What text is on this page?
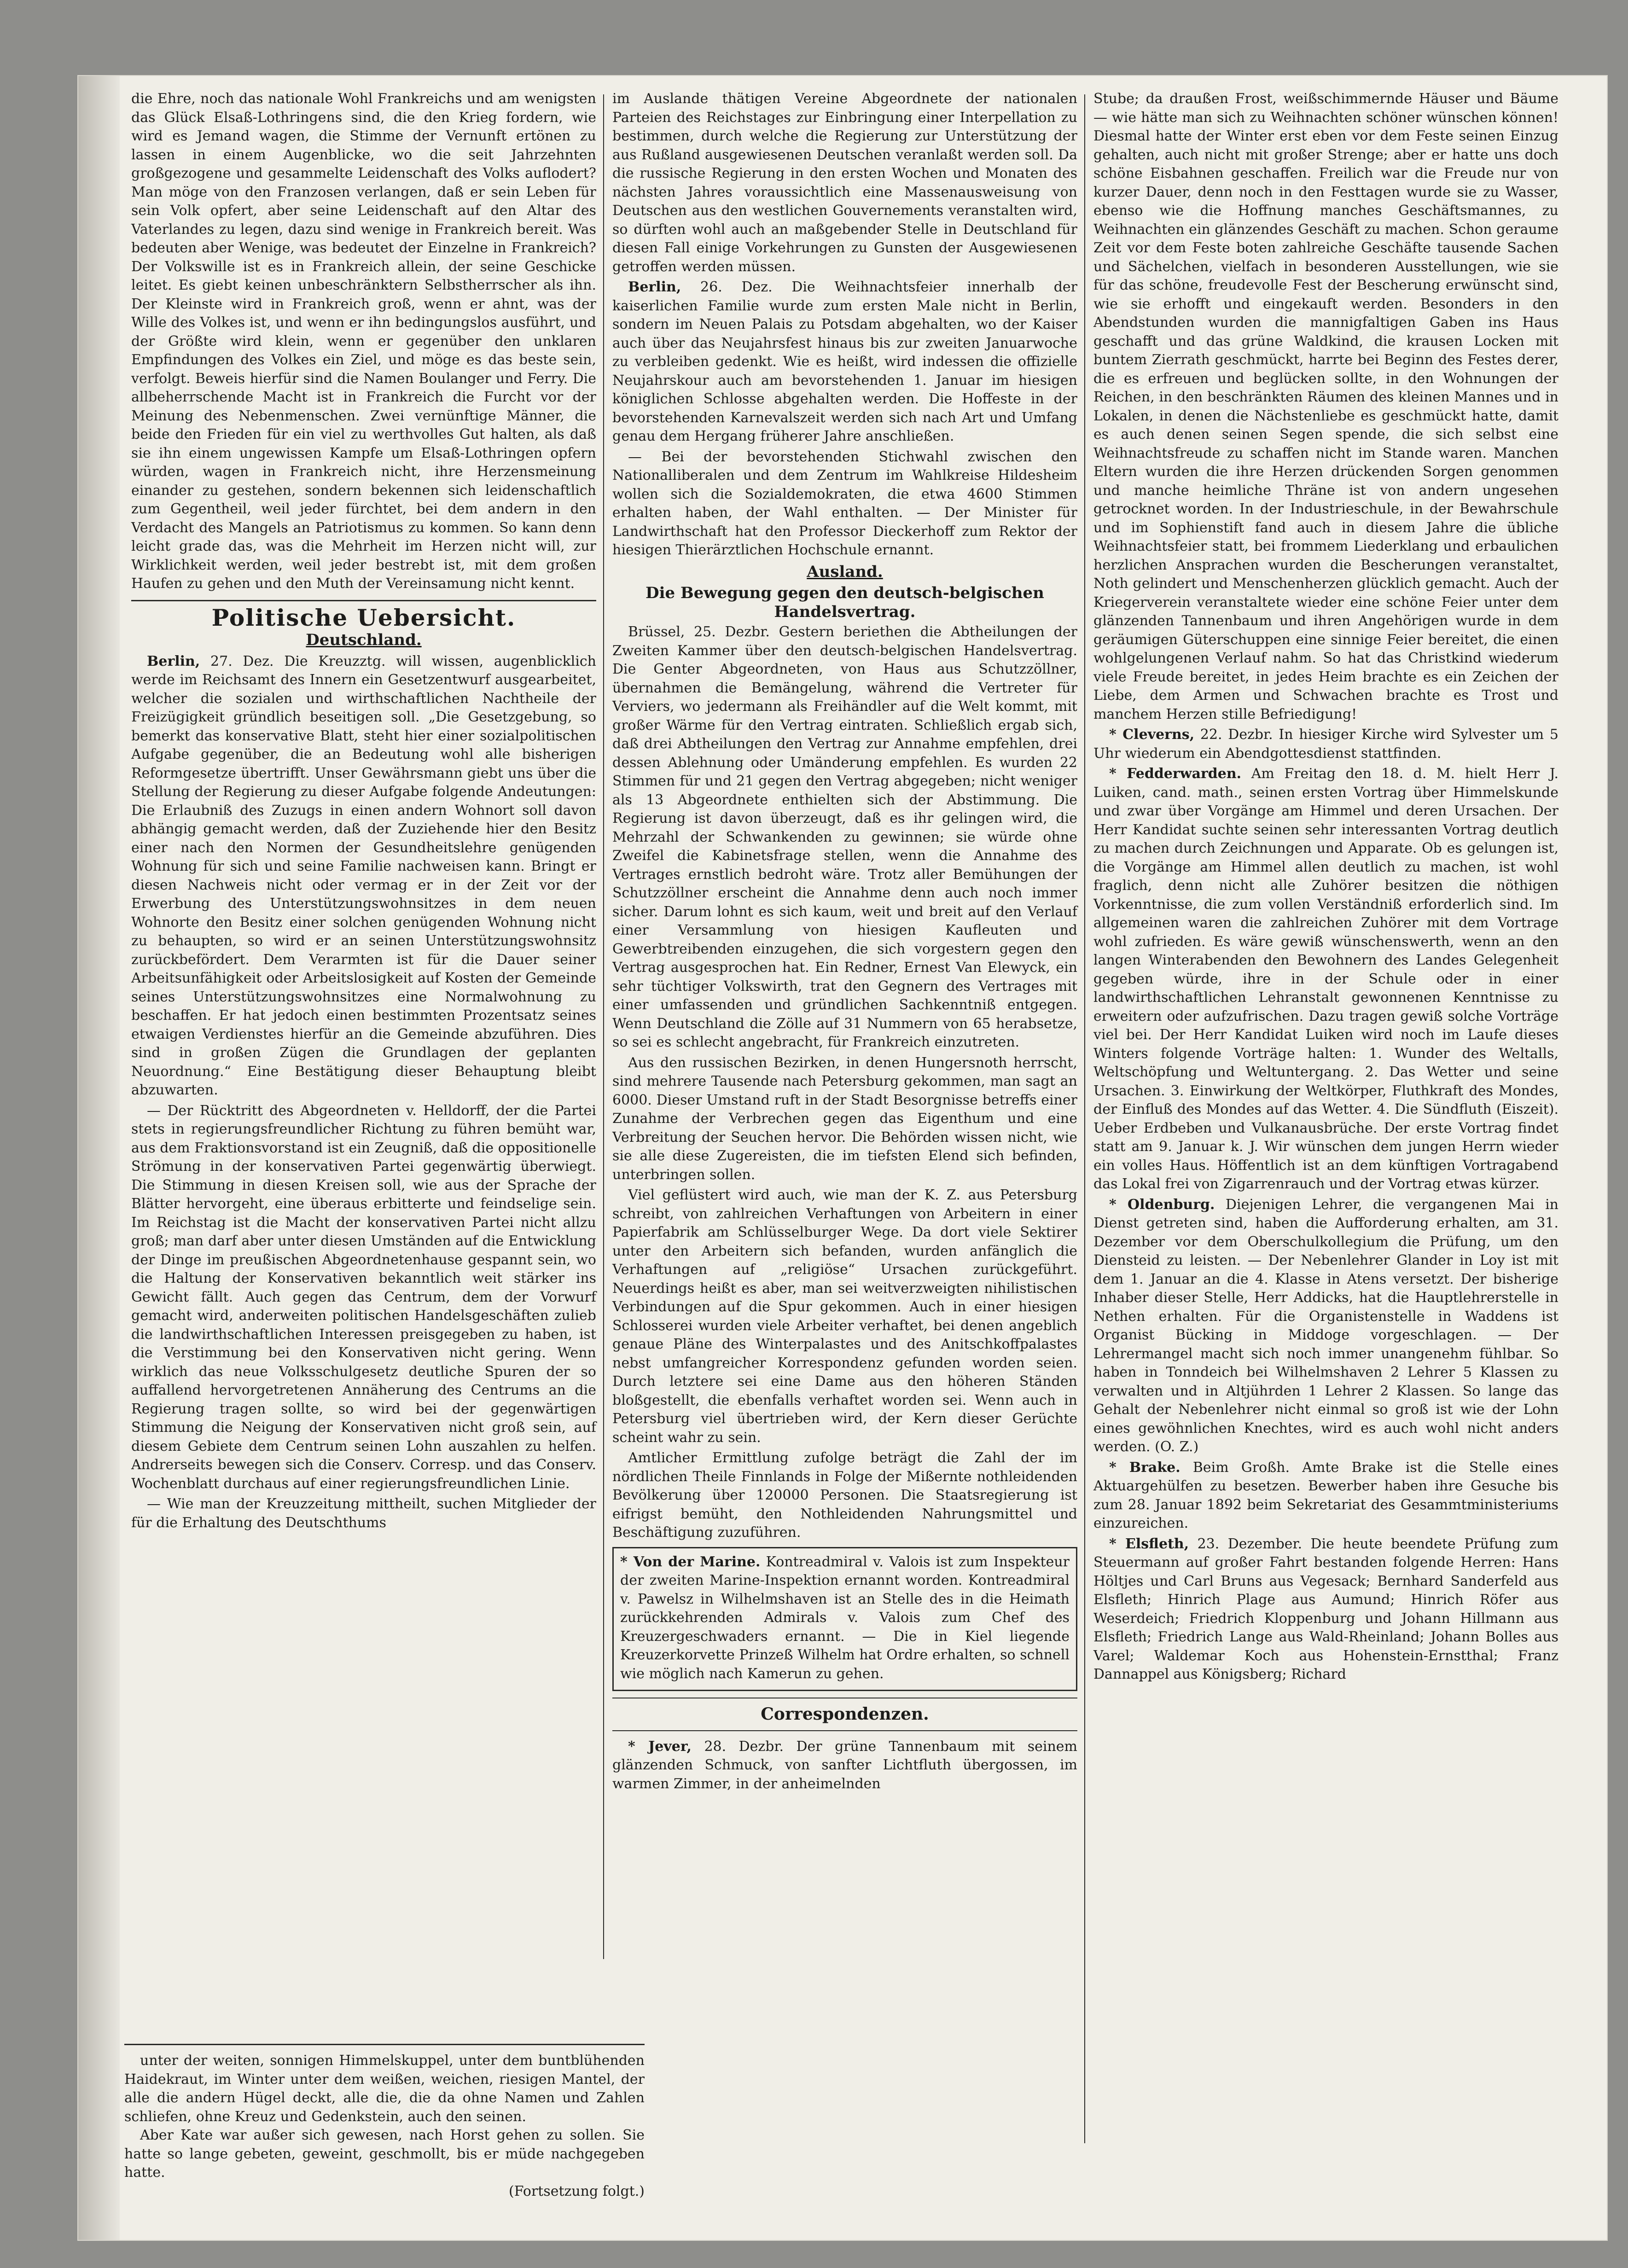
die Ehre, noch das nationale Wohl Frankreichs und am wenigsten das Glück Elsaß-Lothringens sind, die den Krieg fordern, wie wird es Jemand wagen, die Stimme der Vernunft ertönen zu lassen in einem Augenblicke, wo die seit Jahrzehnten großgezogene und gesammelte Leidenschaft des Volks auflodert? Man möge von den Franzosen verlangen, daß er sein Leben für sein Volk opfert, aber seine Leidenschaft auf den Altar des Vaterlandes zu legen, dazu sind wenige in Frankreich bereit. Was bedeuten aber Wenige, was bedeutet der Einzelne in Frankreich? Der Volkswille ist es in Frankreich allein, der seine Geschicke leitet. Es giebt keinen unbeschränktern Selbstherrscher als ihn. Der Kleinste wird in Frankreich groß, wenn er ahnt, was der Wille des Volkes ist, und wenn er ihn bedingungslos ausführt, und der Größte wird klein, wenn er gegenüber den unklaren Empfindungen des Volkes ein Ziel, und möge es das beste sein, verfolgt. Beweis hierfür sind die Namen Boulanger und Ferry. Die allbeherrschende Macht ist in Frankreich die Furcht vor der Meinung des Nebenmenschen. Zwei vernünftige Männer, die beide den Frieden für ein viel zu werthvolles Gut halten, als daß sie ihn einem ungewissen Kampfe um Elsaß-Lothringen opfern würden, wagen in Frankreich nicht, ihre Herzensmeinung einander zu gestehen, sondern bekennen sich leidenschaftlich zum Gegentheil, weil jeder fürchtet, bei dem andern in den Verdacht des Mangels an Patriotismus zu kommen. So kann denn leicht grade das, was die Mehrheit im Herzen nicht will, zur Wirklichkeit werden, weil jeder bestrebt ist, mit dem großen Haufen zu gehen und den Muth der Vereinsamung nicht kennt.

Politische Uebersicht.
Deutschland.

Berlin, 27. Dez. Die Kreuzztg. will wissen, augenblicklich werde im Reichsamt des Innern ein Gesetzentwurf ausgearbeitet, welcher die sozialen und wirthschaftlichen Nachtheile der Freizügigkeit gründlich beseitigen soll. „Die Gesetzgebung, so bemerkt das konservative Blatt, steht hier einer sozialpolitischen Aufgabe gegenüber, die an Bedeutung wohl alle bisherigen Reformgesetze übertrifft. Unser Gewährsmann giebt uns über die Stellung der Regierung zu dieser Aufgabe folgende Andeutungen: Die Erlaubniß des Zuzugs in einen andern Wohnort soll davon abhängig gemacht werden, daß der Zuziehende hier den Besitz einer nach den Normen der Gesundheitslehre genügenden Wohnung für sich und seine Familie nachweisen kann. Bringt er diesen Nachweis nicht oder vermag er in der Zeit vor der Erwerbung des Unterstützungswohnsitzes in dem neuen Wohnorte den Besitz einer solchen genügenden Wohnung nicht zu behaupten, so wird er an seinen Unterstützungswohnsitz zurückbefördert. Dem Verarmten ist für die Dauer seiner Arbeitsunfähigkeit oder Arbeitslosigkeit auf Kosten der Gemeinde seines Unterstützungswohnsitzes eine Normalwohnung zu beschaffen. Er hat jedoch einen bestimmten Prozentsatz seines etwaigen Verdienstes hierfür an die Gemeinde abzuführen. Dies sind in großen Zügen die Grundlagen der geplanten Neuordnung.“ Eine Bestätigung dieser Behauptung bleibt abzuwarten.

— Der Rücktritt des Abgeordneten v. Helldorff, der die Partei stets in regierungsfreundlicher Richtung zu führen bemüht war, aus dem Fraktionsvorstand ist ein Zeugniß, daß die oppositionelle Strömung in der konservativen Partei gegenwärtig überwiegt. Die Stimmung in diesen Kreisen soll, wie aus der Sprache der Blätter hervorgeht, eine überaus erbitterte und feindselige sein. Im Reichstag ist die Macht der konservativen Partei nicht allzu groß; man darf aber unter diesen Umständen auf die Entwicklung der Dinge im preußischen Abgeordnetenhause gespannt sein, wo die Haltung der Konservativen bekanntlich weit stärker ins Gewicht fällt. Auch gegen das Centrum, dem der Vorwurf gemacht wird, anderweiten politischen Handelsgeschäften zulieb die landwirthschaftlichen Interessen preisgegeben zu haben, ist die Verstimmung bei den Konservativen nicht gering. Wenn wirklich das neue Volksschulgesetz deutliche Spuren der so auffallend hervorgetretenen Annäherung des Centrums an die Regierung tragen sollte, so wird bei der gegenwärtigen Stimmung die Neigung der Konservativen nicht groß sein, auf diesem Gebiete dem Centrum seinen Lohn auszahlen zu helfen. Andrerseits bewegen sich die Conserv. Corresp. und das Conserv. Wochenblatt durchaus auf einer regierungsfreundlichen Linie.

— Wie man der Kreuzzeitung mittheilt, suchen Mitglieder der für die Erhaltung des Deutschthums

im Auslande thätigen Vereine Abgeordnete der nationalen Parteien des Reichstages zur Einbringung einer Interpellation zu bestimmen, durch welche die Regierung zur Unterstützung der aus Rußland ausgewiesenen Deutschen veranlaßt werden soll. Da die russische Regierung in den ersten Wochen und Monaten des nächsten Jahres voraussichtlich eine Massenausweisung von Deutschen aus den westlichen Gouvernements veranstalten wird, so dürften wohl auch an maßgebender Stelle in Deutschland für diesen Fall einige Vorkehrungen zu Gunsten der Ausgewiesenen getroffen werden müssen.

Berlin, 26. Dez. Die Weihnachtsfeier innerhalb der kaiserlichen Familie wurde zum ersten Male nicht in Berlin, sondern im Neuen Palais zu Potsdam abgehalten, wo der Kaiser auch über das Neujahrsfest hinaus bis zur zweiten Januarwoche zu verbleiben gedenkt. Wie es heißt, wird indessen die offizielle Neujahrskour auch am bevorstehenden 1. Januar im hiesigen königlichen Schlosse abgehalten werden. Die Hoffeste in der bevorstehenden Karnevalszeit werden sich nach Art und Umfang genau dem Hergang früherer Jahre anschließen.

— Bei der bevorstehenden Stichwahl zwischen den Nationalliberalen und dem Zentrum im Wahlkreise Hildesheim wollen sich die Sozialdemokraten, die etwa 4600 Stimmen erhalten haben, der Wahl enthalten. — Der Minister für Landwirthschaft hat den Professor Dieckerhoff zum Rektor der hiesigen Thierärztlichen Hochschule ernannt.

Ausland.
Die Bewegung gegen den deutsch-belgischen Handelsvertrag.

Brüssel, 25. Dezbr. Gestern beriethen die Abtheilungen der Zweiten Kammer über den deutsch-belgischen Handelsvertrag. Die Genter Abgeordneten, von Haus aus Schutzzöllner, übernahmen die Bemängelung, während die Vertreter für Verviers, wo jedermann als Freihändler auf die Welt kommt, mit großer Wärme für den Vertrag eintraten. Schließlich ergab sich, daß drei Abtheilungen den Vertrag zur Annahme empfehlen, drei dessen Ablehnung oder Umänderung empfehlen. Es wurden 22 Stimmen für und 21 gegen den Vertrag abgegeben; nicht weniger als 13 Abgeordnete enthielten sich der Abstimmung. Die Regierung ist davon überzeugt, daß es ihr gelingen wird, die Mehrzahl der Schwankenden zu gewinnen; sie würde ohne Zweifel die Kabinetsfrage stellen, wenn die Annahme des Vertrages ernstlich bedroht wäre. Trotz aller Bemühungen der Schutzzöllner erscheint die Annahme denn auch noch immer sicher. Darum lohnt es sich kaum, weit und breit auf den Verlauf einer Versammlung von hiesigen Kaufleuten und Gewerbtreibenden einzugehen, die sich vorgestern gegen den Vertrag ausgesprochen hat. Ein Redner, Ernest Van Elewyck, ein sehr tüchtiger Volkswirth, trat den Gegnern des Vertrages mit einer umfassenden und gründlichen Sachkenntniß entgegen. Wenn Deutschland die Zölle auf 31 Nummern von 65 herabsetze, so sei es schlecht angebracht, für Frankreich einzutreten.

Aus den russischen Bezirken, in denen Hungersnoth herrscht, sind mehrere Tausende nach Petersburg gekommen, man sagt an 6000. Dieser Umstand ruft in der Stadt Besorgnisse betreffs einer Zunahme der Verbrechen gegen das Eigenthum und eine Verbreitung der Seuchen hervor. Die Behörden wissen nicht, wie sie alle diese Zugereisten, die im tiefsten Elend sich befinden, unterbringen sollen.

Viel geflüstert wird auch, wie man der K. Z. aus Petersburg schreibt, von zahlreichen Verhaftungen von Arbeitern in einer Papierfabrik am Schlüsselburger Wege. Da dort viele Sektirer unter den Arbeitern sich befanden, wurden anfänglich die Verhaftungen auf „religiöse“ Ursachen zurückgeführt. Neuerdings heißt es aber, man sei weitverzweigten nihilistischen Verbindungen auf die Spur gekommen. Auch in einer hiesigen Schlosserei wurden viele Arbeiter verhaftet, bei denen angeblich genaue Pläne des Winterpalastes und des Anitschkoffpalastes nebst umfangreicher Korrespondenz gefunden worden seien. Durch letztere sei eine Dame aus den höheren Ständen bloßgestellt, die ebenfalls verhaftet worden sei. Wenn auch in Petersburg viel übertrieben wird, der Kern dieser Gerüchte scheint wahr zu sein.

Amtlicher Ermittlung zufolge beträgt die Zahl der im nördlichen Theile Finnlands in Folge der Mißernte nothleidenden Bevölkerung über 120000 Personen. Die Staatsregierung ist eifrigst bemüht, den Nothleidenden Nahrungsmittel und Beschäftigung zuzuführen.

* Von der Marine. Kontreadmiral v. Valois ist zum Inspekteur der zweiten Marine-Inspektion ernannt worden. Kontreadmiral v. Pawelsz in Wilhelmshaven ist an Stelle des in die Heimath zurückkehrenden Admirals v. Valois zum Chef des Kreuzergeschwaders ernannt. — Die in Kiel liegende Kreuzerkorvette Prinzeß Wilhelm hat Ordre erhalten, so schnell wie möglich nach Kamerun zu gehen.

Correspondenzen.

* Jever, 28. Dezbr. Der grüne Tannenbaum mit seinem glänzenden Schmuck, von sanfter Lichtfluth übergossen, im warmen Zimmer, in der anheimelnden

Stube; da draußen Frost, weißschimmernde Häuser und Bäume — wie hätte man sich zu Weihnachten schöner wünschen können! Diesmal hatte der Winter erst eben vor dem Feste seinen Einzug gehalten, auch nicht mit großer Strenge; aber er hatte uns doch schöne Eisbahnen geschaffen. Freilich war die Freude nur von kurzer Dauer, denn noch in den Festtagen wurde sie zu Wasser, ebenso wie die Hoffnung manches Geschäftsmannes, zu Weihnachten ein glänzendes Geschäft zu machen. Schon geraume Zeit vor dem Feste boten zahlreiche Geschäfte tausende Sachen und Sächelchen, vielfach in besonderen Ausstellungen, wie sie für das schöne, freudevolle Fest der Bescherung erwünscht sind, wie sie erhofft und eingekauft werden. Besonders in den Abendstunden wurden die mannigfaltigen Gaben ins Haus geschafft und das grüne Waldkind, die krausen Locken mit buntem Zierrath geschmückt, harrte bei Beginn des Festes derer, die es erfreuen und beglücken sollte, in den Wohnungen der Reichen, in den beschränkten Räumen des kleinen Mannes und in Lokalen, in denen die Nächstenliebe es geschmückt hatte, damit es auch denen seinen Segen spende, die sich selbst eine Weihnachtsfreude zu schaffen nicht im Stande waren. Manchen Eltern wurden die ihre Herzen drückenden Sorgen genommen und manche heimliche Thräne ist von andern ungesehen getrocknet worden. In der Industrieschule, in der Bewahrschule und im Sophienstift fand auch in diesem Jahre die übliche Weihnachtsfeier statt, bei frommem Liederklang und erbaulichen herzlichen Ansprachen wurden die Bescherungen veranstaltet, Noth gelindert und Menschenherzen glücklich gemacht. Auch der Kriegerverein veranstaltete wieder eine schöne Feier unter dem glänzenden Tannenbaum und ihren Angehörigen wurde in dem geräumigen Güterschuppen eine sinnige Feier bereitet, die einen wohlgelungenen Verlauf nahm. So hat das Christkind wiederum viele Freude bereitet, in jedes Heim brachte es ein Zeichen der Liebe, dem Armen und Schwachen brachte es Trost und manchem Herzen stille Befriedigung!

* Cleverns, 22. Dezbr. In hiesiger Kirche wird Sylvester um 5 Uhr wiederum ein Abendgottesdienst stattfinden.

* Fedderwarden. Am Freitag den 18. d. M. hielt Herr J. Luiken, cand. math., seinen ersten Vortrag über Himmelskunde und zwar über Vorgänge am Himmel und deren Ursachen. Der Herr Kandidat suchte seinen sehr interessanten Vortrag deutlich zu machen durch Zeichnungen und Apparate. Ob es gelungen ist, die Vorgänge am Himmel allen deutlich zu machen, ist wohl fraglich, denn nicht alle Zuhörer besitzen die nöthigen Vorkenntnisse, die zum vollen Verständniß erforderlich sind. Im allgemeinen waren die zahlreichen Zuhörer mit dem Vortrage wohl zufrieden. Es wäre gewiß wünschenswerth, wenn an den langen Winterabenden den Bewohnern des Landes Gelegenheit gegeben würde, ihre in der Schule oder in einer landwirthschaftlichen Lehranstalt gewonnenen Kenntnisse zu erweitern oder aufzufrischen. Dazu tragen gewiß solche Vorträge viel bei. Der Herr Kandidat Luiken wird noch im Laufe dieses Winters folgende Vorträge halten: 1. Wunder des Weltalls, Weltschöpfung und Weltuntergang. 2. Das Wetter und seine Ursachen. 3. Einwirkung der Weltkörper, Fluthkraft des Mondes, der Einfluß des Mondes auf das Wetter. 4. Die Sündfluth (Eiszeit). Ueber Erdbeben und Vulkanausbrüche. Der erste Vortrag findet statt am 9. Januar k. J. Wir wünschen dem jungen Herrn wieder ein volles Haus. Höffentlich ist an dem künftigen Vortragabend das Lokal frei von Zigarrenrauch und der Vortrag etwas kürzer.

* Oldenburg. Diejenigen Lehrer, die vergangenen Mai in Dienst getreten sind, haben die Aufforderung erhalten, am 31. Dezember vor dem Oberschulkollegium die Prüfung, um den Diensteid zu leisten. — Der Nebenlehrer Glander in Loy ist mit dem 1. Januar an die 4. Klasse in Atens versetzt. Der bisherige Inhaber dieser Stelle, Herr Addicks, hat die Hauptlehrerstelle in Nethen erhalten. Für die Organistenstelle in Waddens ist Organist Bücking in Middoge vorgeschlagen. — Der Lehrermangel macht sich noch immer unangenehm fühlbar. So haben in Tonndeich bei Wilhelmshaven 2 Lehrer 5 Klassen zu verwalten und in Altjührden 1 Lehrer 2 Klassen. So lange das Gehalt der Nebenlehrer nicht einmal so groß ist wie der Lohn eines gewöhnlichen Knechtes, wird es auch wohl nicht anders werden. (O. Z.)

* Brake. Beim Großh. Amte Brake ist die Stelle eines Aktuargehülfen zu besetzen. Bewerber haben ihre Gesuche bis zum 28. Januar 1892 beim Sekretariat des Gesammtministeriums einzureichen.

* Elsfleth, 23. Dezember. Die heute beendete Prüfung zum Steuermann auf großer Fahrt bestanden folgende Herren: Hans Höltjes und Carl Bruns aus Vegesack; Bernhard Sanderfeld aus Elsfleth; Hinrich Plage aus Aumund; Hinrich Röfer aus Weserdeich; Friedrich Kloppenburg und Johann Hillmann aus Elsfleth; Friedrich Lange aus Wald-Rheinland; Johann Bolles aus Varel; Waldemar Koch aus Hohenstein-Ernstthal; Franz Dannappel aus Königsberg; Richard

unter der weiten, sonnigen Himmelskuppel, unter dem buntblühenden Haidekraut, im Winter unter dem weißen, weichen, riesigen Mantel, der alle die andern Hügel deckt, alle die, die da ohne Namen und Zahlen schliefen, ohne Kreuz und Gedenkstein, auch den seinen.

Aber Kate war außer sich gewesen, nach Horst gehen zu sollen. Sie hatte so lange gebeten, geweint, geschmollt, bis er müde nachgegeben hatte.

(Fortsetzung folgt.)
